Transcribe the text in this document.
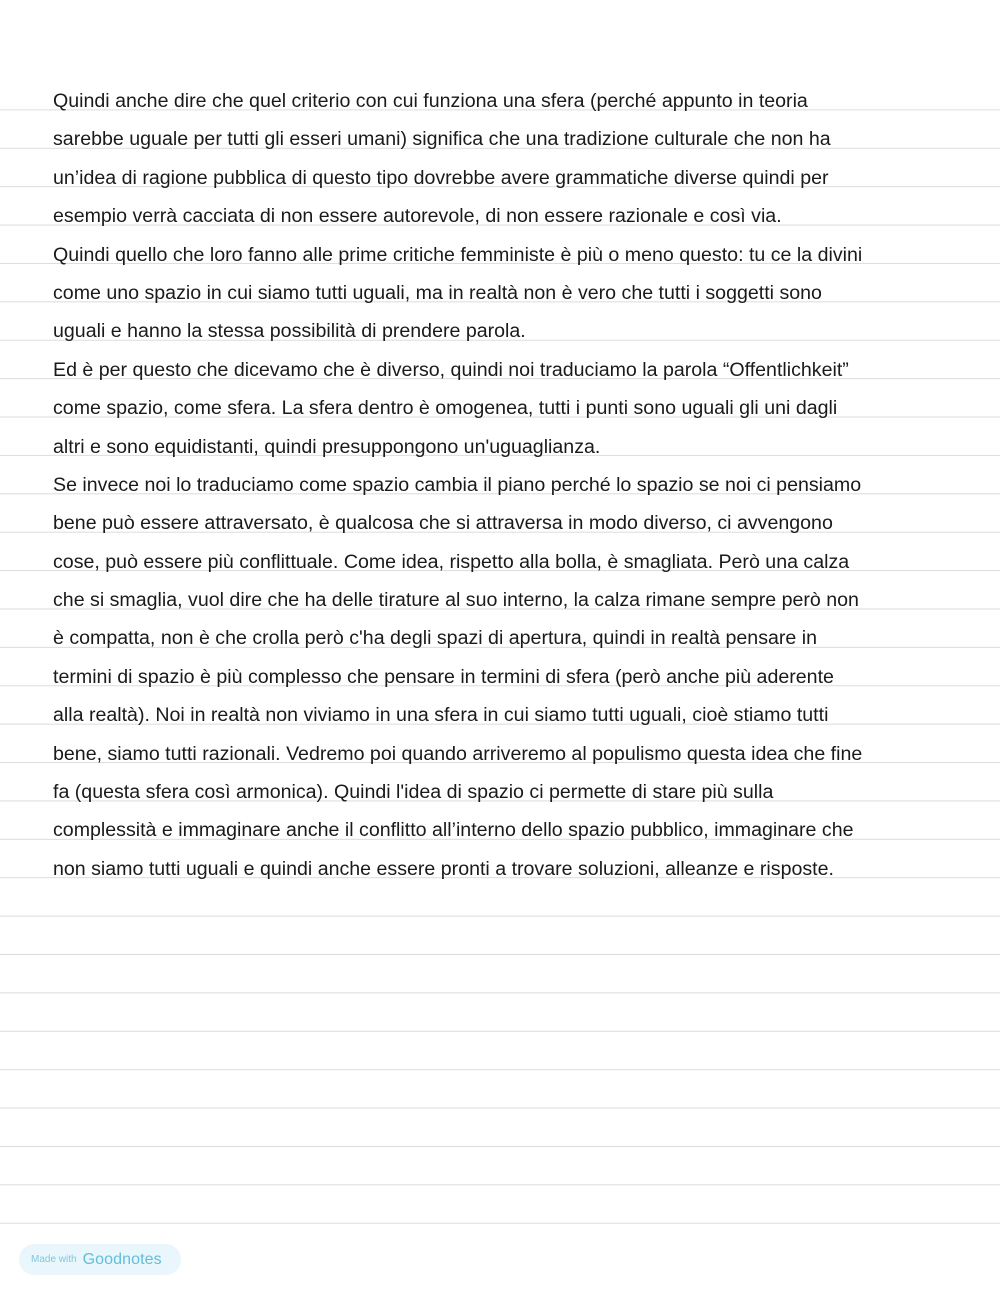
Quindi anche dire che quel criterio con cui funziona una sfera (perché appunto in teoria
sarebbe uguale per tutti gli esseri umani) significa che una tradizione culturale che non ha
un’idea di ragione pubblica di questo tipo dovrebbe avere grammatiche diverse quindi per
esempio verrà cacciata di non essere autorevole, di non essere razionale e così via.
Quindi quello che loro fanno alle prime critiche femministe è più o meno questo: tu ce la divini
come uno spazio in cui siamo tutti uguali, ma in realtà non è vero che tutti i soggetti sono
uguali e hanno la stessa possibilità di prendere parola.
Ed è per questo che dicevamo che è diverso, quindi noi traduciamo la parola “Offentlichkeit”
come spazio, come sfera. La sfera dentro è omogenea, tutti i punti sono uguali gli uni dagli
altri e sono equidistanti, quindi presuppongono un'uguaglianza.
Se invece noi lo traduciamo come spazio cambia il piano perché lo spazio se noi ci pensiamo
bene può essere attraversato, è qualcosa che si attraversa in modo diverso, ci avvengono
cose, può essere più conflittuale. Come idea, rispetto alla bolla, è smagliata. Però una calza
che si smaglia, vuol dire che ha delle tirature al suo interno, la calza rimane sempre però non
è compatta, non è che crolla però c'ha degli spazi di apertura, quindi in realtà pensare in
termini di spazio è più complesso che pensare in termini di sfera (però anche più aderente
alla realtà). Noi in realtà non viviamo in una sfera in cui siamo tutti uguali, cioè stiamo tutti
bene, siamo tutti razionali. Vedremo poi quando arriveremo al populismo questa idea che fine
fa (questa sfera così armonica). Quindi l'idea di spazio ci permette di stare più sulla
complessità e immaginare anche il conflitto all’interno dello spazio pubblico, immaginare che
non siamo tutti uguali e quindi anche essere pronti a trovare soluzioni, alleanze e risposte.
Made with Goodnotes
